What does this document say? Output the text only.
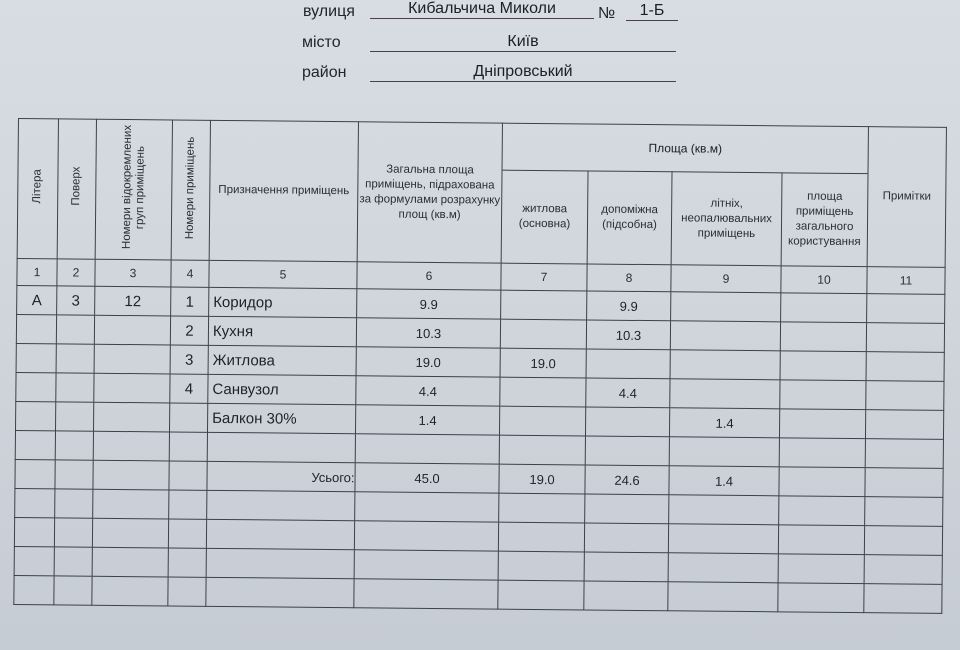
вулиця	Кибальчича Миколи	№	1-Б
місто	Київ
район	Дніпровський
Літера	Поверх	Номери відокремлених груп приміщень	Номери приміщень	Призначення приміщень	Загальна площа приміщень, підрахована за формулами розрахунку площ (кв.м)	Площа (кв.м)				Примітки
						житлова (основна)	допоміжна (підсобна)	літніх, неопалювальних приміщень	площа приміщень загального користування	
1	2	3	4	5	6	7	8	9	10	11
А	3	12	1	Коридор	9.9		9.9			
			2	Кухня	10.3		10.3			
			3	Житлова	19.0	19.0				
			4	Санвузол	4.4		4.4			
				Балкон 30%	1.4			1.4		

				Усього:	45.0	19.0	24.6	1.4		
